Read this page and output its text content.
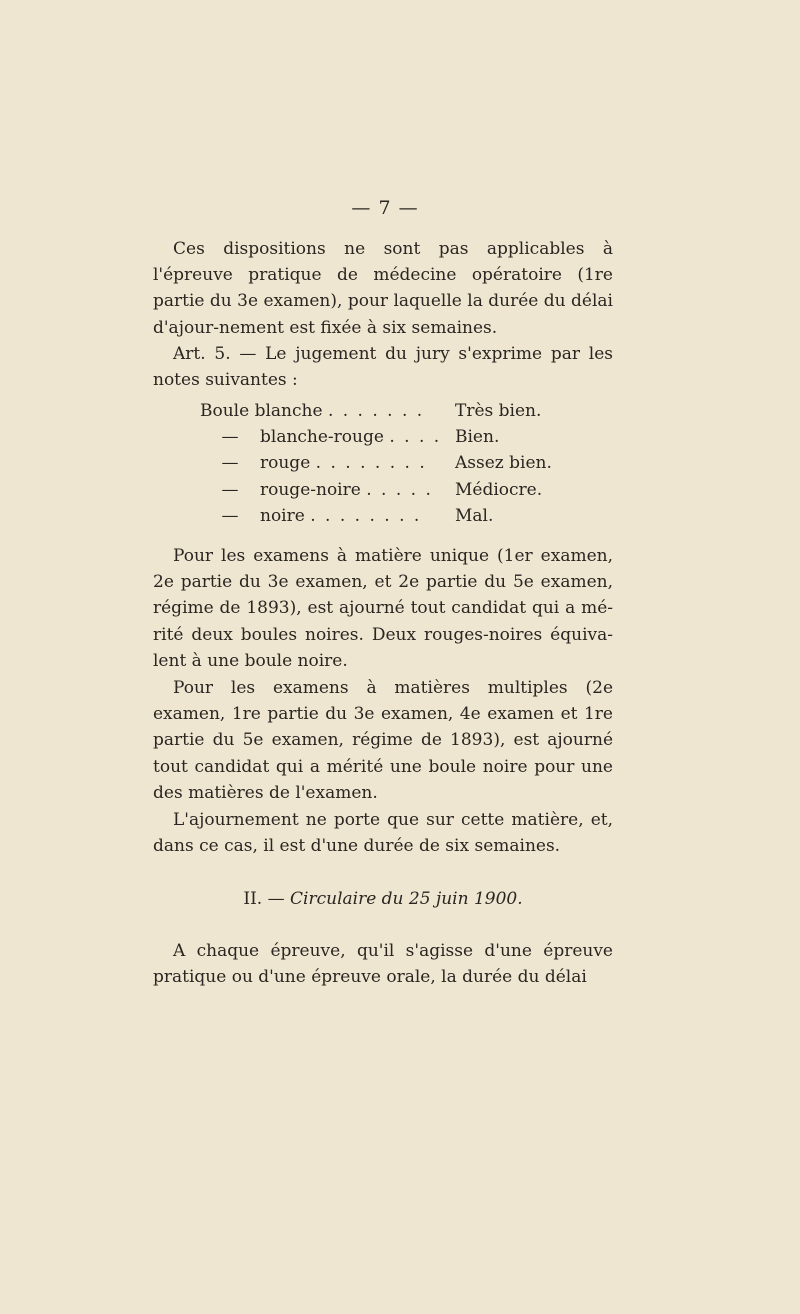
— 7 —

Ces dispositions ne sont pas applicables à l'épreuve pratique de médecine opératoire (1re partie du 3e examen), pour laquelle la durée du délai d'ajour-nement est fixée à six semaines.

Art. 5. — Le jugement du jury s'exprime par les notes suivantes :

Boule blanche . . . . . . .	Très bien.
—	blanche-rouge . . . . Bien.
—	rouge . . . . . . . .	Assez bien.
—	rouge-noire . . . . .	Médiocre.
—	noire . . . . . . . .	Mal.

Pour les examens à matière unique (1er examen, 2e partie du 3e examen, et 2e partie du 5e examen, régime de 1893), est ajourné tout candidat qui a mé-rité deux boules noires. Deux rouges-noires équiva-lent à une boule noire.

Pour les examens à matières multiples (2e examen, 1re partie du 3e examen, 4e examen et 1re partie du 5e examen, régime de 1893), est ajourné tout candidat qui a mérité une boule noire pour une des matières de l'examen.

L'ajournement ne porte que sur cette matière, et, dans ce cas, il est d'une durée de six semaines.

II. — Circulaire du 25 juin 1900.

A chaque épreuve, qu'il s'agisse d'une épreuve pratique ou d'une épreuve orale, la durée du délai
